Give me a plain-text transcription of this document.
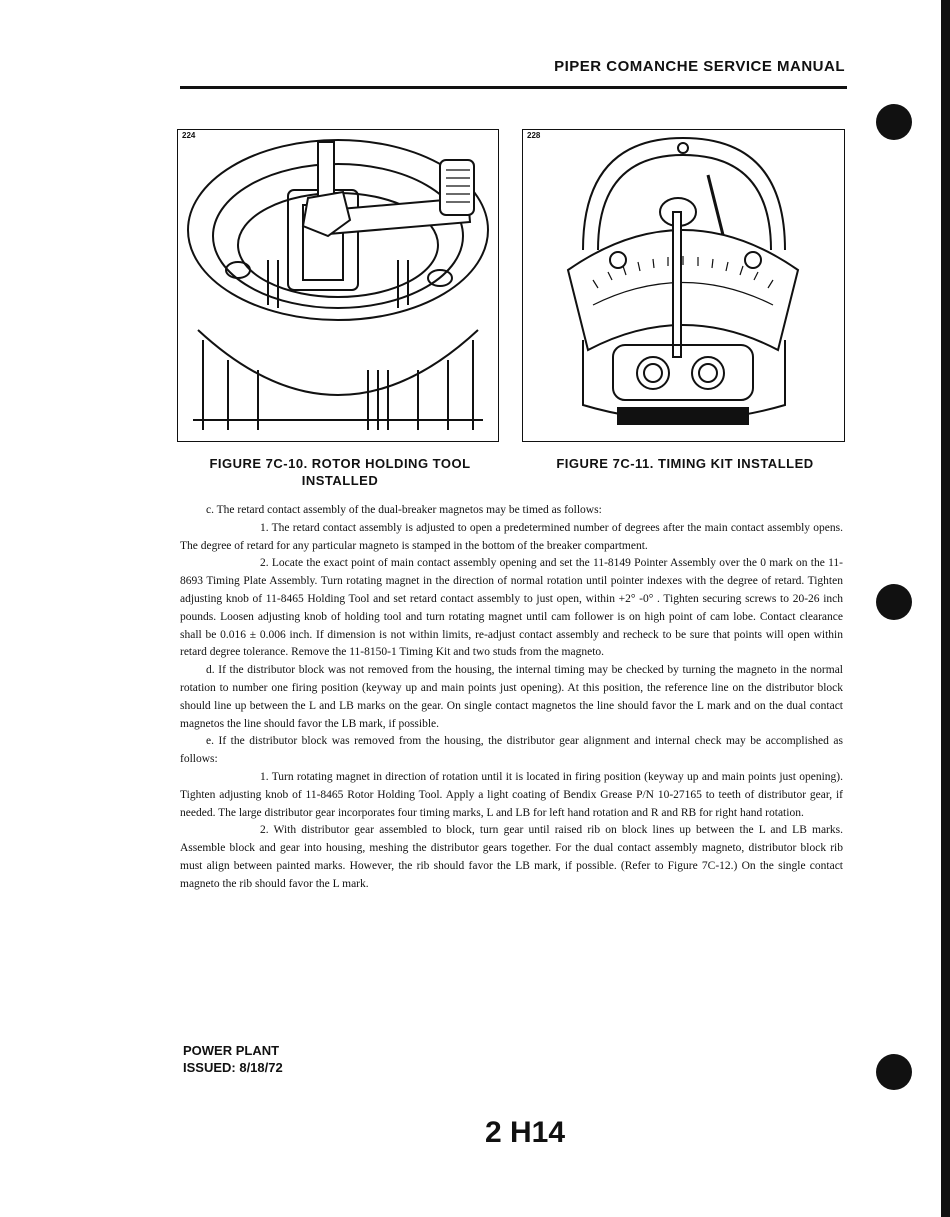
PIPER COMANCHE SERVICE MANUAL
224	228
FIGURE 7C-10. ROTOR HOLDING TOOL
INSTALLED
FIGURE 7C-11. TIMING KIT INSTALLED

c. The retard contact assembly of the dual-breaker magnetos may be timed as follows:

1. The retard contact assembly is adjusted to open a predetermined number of degrees after the main contact assembly opens. The degree of retard for any particular magneto is stamped in the bottom of the breaker compartment.

2. Locate the exact point of main contact assembly opening and set the 11-8149 Pointer Assembly over the 0 mark on the 11-8693 Timing Plate Assembly. Turn rotating magnet in the direction of normal rotation until pointer indexes with the degree of retard. Tighten adjusting knob of 11-8465 Holding Tool and set retard contact assembly to just open, within +2° -0° . Tighten securing screws to 20-26 inch pounds. Loosen adjusting knob of holding tool and turn rotating magnet until cam follower is on high point of cam lobe. Contact clearance shall be 0.016 ± 0.006 inch. If dimension is not within limits, re-adjust contact assembly and recheck to be sure that points will open within retard degree tolerance. Remove the 11-8150-1 Timing Kit and two studs from the magneto.

d. If the distributor block was not removed from the housing, the internal timing may be checked by turning the magneto in the normal rotation to number one firing position (keyway up and main points just opening). At this position, the reference line on the distributor block should line up between the L and LB marks on the gear. On single contact magnetos the line should favor the L mark and on the dual contact magnetos the line should favor the LB mark, if possible.

e. If the distributor block was removed from the housing, the distributor gear alignment and internal check may be accomplished as follows:

1. Turn rotating magnet in direction of rotation until it is located in firing position (keyway up and main points just opening). Tighten adjusting knob of 11-8465 Rotor Holding Tool. Apply a light coating of Bendix Grease P/N 10-27165 to teeth of distributor gear, if needed. The large distributor gear incorporates four timing marks, L and LB for left hand rotation and R and RB for right hand rotation.

2. With distributor gear assembled to block, turn gear until raised rib on block lines up between the L and LB marks. Assemble block and gear into housing, meshing the distributor gears together. For the dual contact assembly magneto, distributor block rib must align between painted marks. However, the rib should favor the LB mark, if possible. (Refer to Figure 7C-12.) On the single contact magneto the rib should favor the L mark.

POWER PLANT
ISSUED: 8/18/72
2 H14
